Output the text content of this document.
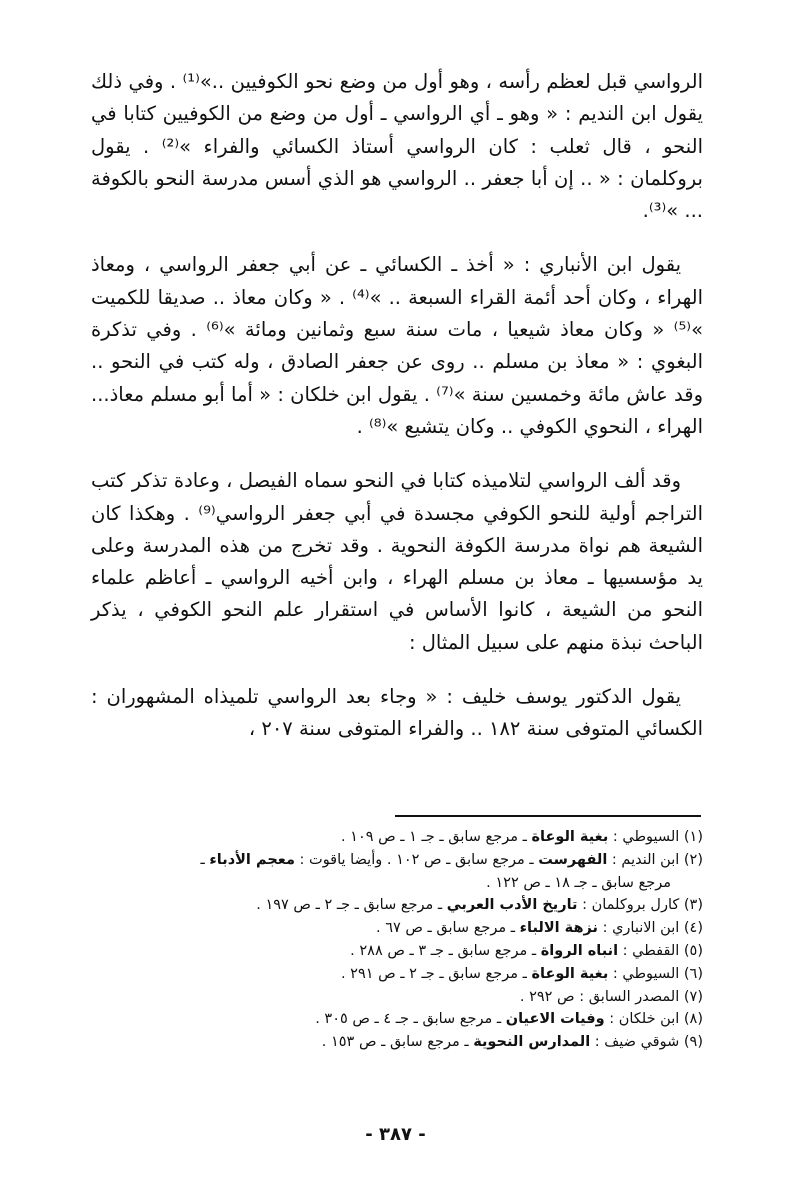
الرواسي قبل لعظم رأسه ، وهو أول من وضع نحو الكوفيين ..»⁽¹⁾ . وفي ذلك يقول ابن النديم : « وهو ـ أي الرواسي ـ أول من وضع من الكوفيين كتابا في النحو ، قال ثعلب : كان الرواسي أستاذ الكسائي والفراء »⁽²⁾ . يقول بروكلمان : « .. إن أبا جعفر .. الرواسي هو الذي أسس مدرسة النحو بالكوفة ... »⁽³⁾.

يقول ابن الأنباري : « أخذ ـ الكسائي ـ عن أبي جعفر الرواسي ، ومعاذ الهراء ، وكان أحد أئمة القراء السبعة .. »⁽⁴⁾ . « وكان معاذ .. صديقا للكميت »⁽⁵⁾ « وكان معاذ شيعيا ، مات سنة سبع وثمانين ومائة »⁽⁶⁾ . وفي تذكرة البغوي : « معاذ بن مسلم .. روى عن جعفر الصادق ، وله كتب في النحو .. وقد عاش مائة وخمسين سنة »⁽⁷⁾ . يقول ابن خلكان : « أما أبو مسلم معاذ... الهراء ، النحوي الكوفي .. وكان يتشيع »⁽⁸⁾ .

وقد ألف الرواسي لتلاميذه كتابا في النحو سماه الفيصل ، وعادة تذكر كتب التراجم أولية للنحو الكوفي مجسدة في أبي جعفر الرواسي⁽⁹⁾ . وهكذا كان الشيعة هم نواة مدرسة الكوفة النحوية . وقد تخرج من هذه المدرسة وعلى يد مؤسسيها ـ معاذ بن مسلم الهراء ، وابن أخيه الرواسي ـ أعاظم علماء النحو من الشيعة ، كانوا الأساس في استقرار علم النحو الكوفي ، يذكر الباحث نبذة منهم على سبيل المثال :

يقول الدكتور يوسف خليف : « وجاء بعد الرواسي تلميذاه المشهوران : الكسائي المتوفى سنة ١٨٢ .. والفراء المتوفى سنة ٢٠٧ ،

(١) السيوطي : بغية الوعاة ـ مرجع سابق ـ جـ ١ ـ ص ١٠٩ .
(٢) ابن النديم : الفهرست ـ مرجع سابق ـ ص ١٠٢ . وأيضا ياقوت : معجم الأدباء ـ
مرجع سابق ـ جـ ١٨ ـ ص ١٢٢ .
(٣) كارل بروكلمان : تاريخ الأدب العربي ـ مرجع سابق ـ جـ ٢ ـ ص ١٩٧ .
(٤) ابن الانباري : نزهة الالباء ـ مرجع سابق ـ ص ٦٧ .
(٥) القفطي : انباه الرواة ـ مرجع سابق ـ جـ ٣ ـ ص ٢٨٨ .
(٦) السيوطي : بغية الوعاة ـ مرجع سابق ـ جـ ٢ ـ ص ٢٩١ .
(٧) المصدر السابق : ص ٢٩٢ .
(٨) ابن خلكان : وفيات الاعيان ـ مرجع سابق ـ جـ ٤ ـ ص ٣٠٥ .
(٩) شوقي ضيف : المدارس النحوية ـ مرجع سابق ـ ص ١٥٣ .
- ٣٨٧ -
